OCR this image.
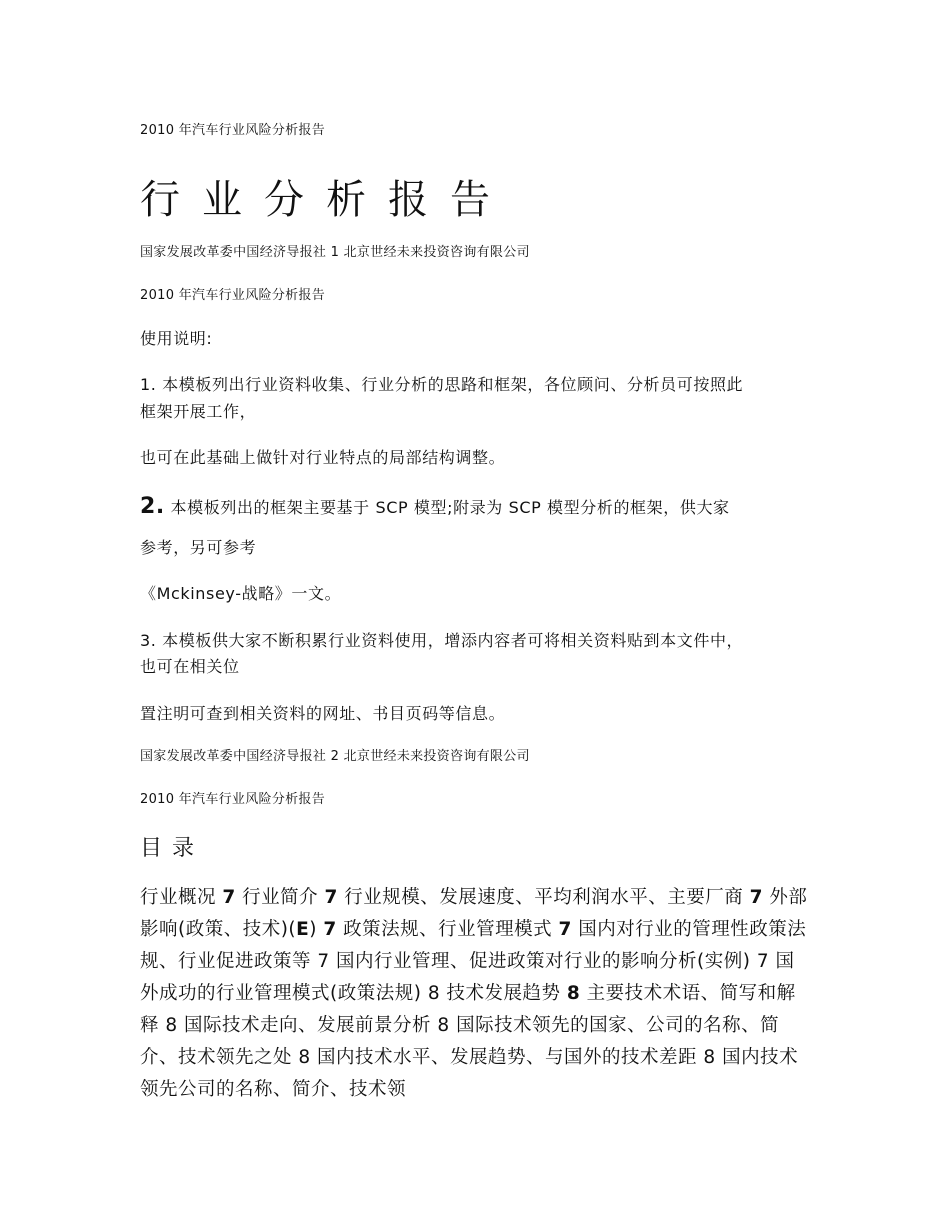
2010 年汽车行业风险分析报告
行业分析报告
国家发展改革委中国经济导报社 1 北京世经未来投资咨询有限公司
2010 年汽车行业风险分析报告
使用说明:
1. 本模板列出行业资料收集、行业分析的思路和框架，各位顾问、分析员可按照此
框架开展工作，
也可在此基础上做针对行业特点的局部结构调整。
2. 本模板列出的框架主要基于 SCP 模型;附录为 SCP 模型分析的框架，供大家
参考，另可参考
《Mckinsey-战略》一文。
3. 本模板供大家不断积累行业资料使用，增添内容者可将相关资料贴到本文件中，
也可在相关位
置注明可查到相关资料的网址、书目页码等信息。
国家发展改革委中国经济导报社 2 北京世经未来投资咨询有限公司
2010 年汽车行业风险分析报告
目录
行业概况 7 行业简介 7 行业规模、发展速度、平均利润水平、主要厂商 7 外部影响(政策、技术)(E) 7 政策法规、行业管理模式 7 国内对行业的管理性政策法规、行业促进政策等 7 国内行业管理、促进政策对行业的影响分析(实例) 7 国外成功的行业管理模式(政策法规) 8 技术发展趋势 8 主要技术术语、简写和解释 8 国际技术走向、发展前景分析 8 国际技术领先的国家、公司的名称、简介、技术领先之处 8 国内技术水平、发展趋势、与国外的技术差距 8 国内技术领先公司的名称、简介、技术领
